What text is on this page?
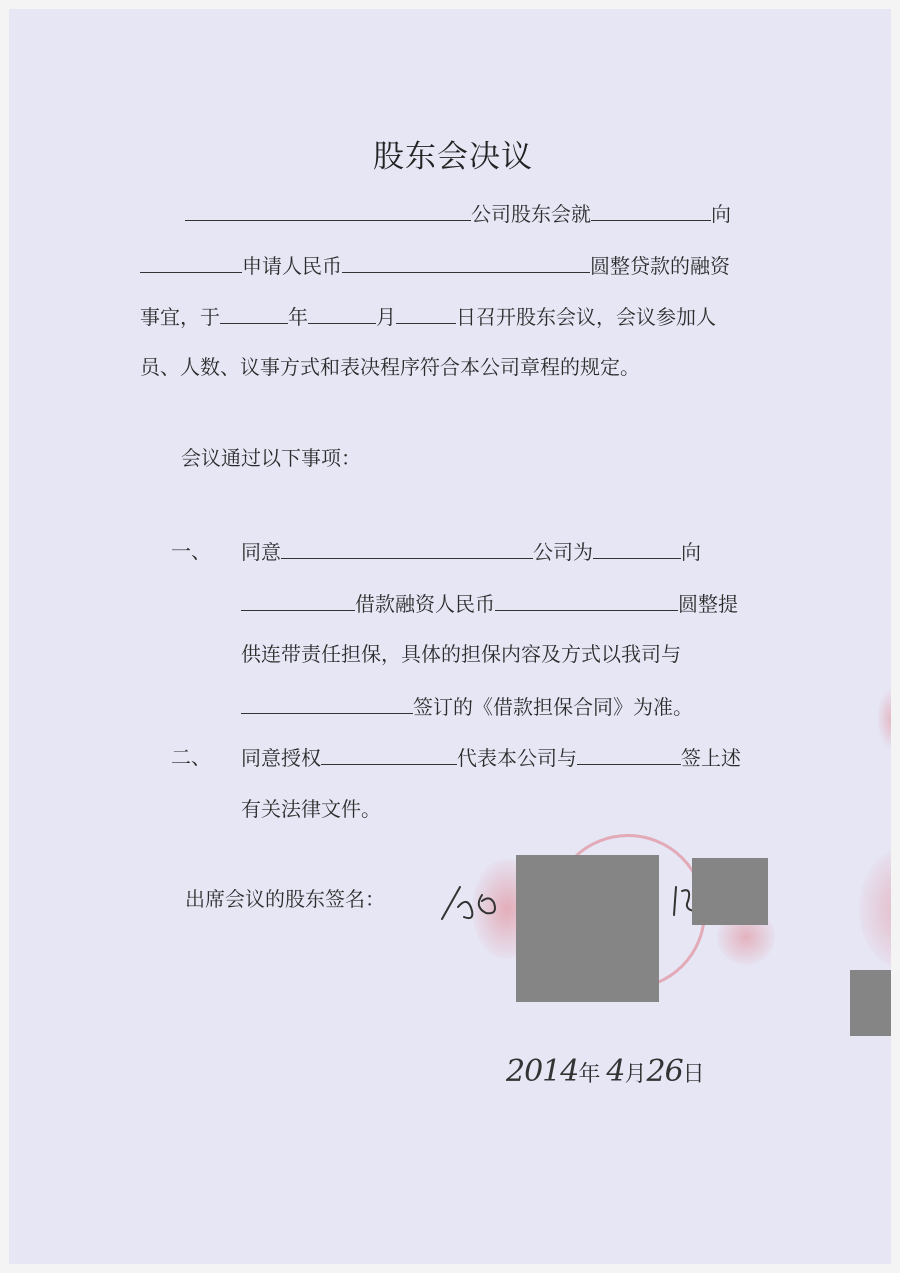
股东会决议
公司股东会就	向
申请人民币	圆整贷款的融资
事宜，于	年	月	日召开股东会议，会议参加人
员、人数、议事方式和表决程序符合本公司章程的规定。
会议通过以下事项：
一、 同意	公司为	向
借款融资人民币	圆整提
供连带责任担保，具体的担保内容及方式以我司与
签订的《借款担保合同》为准。
二、 同意授权	代表本公司与	签上述
有关法律文件。
出席会议的股东签名：
2014年 4月26日
